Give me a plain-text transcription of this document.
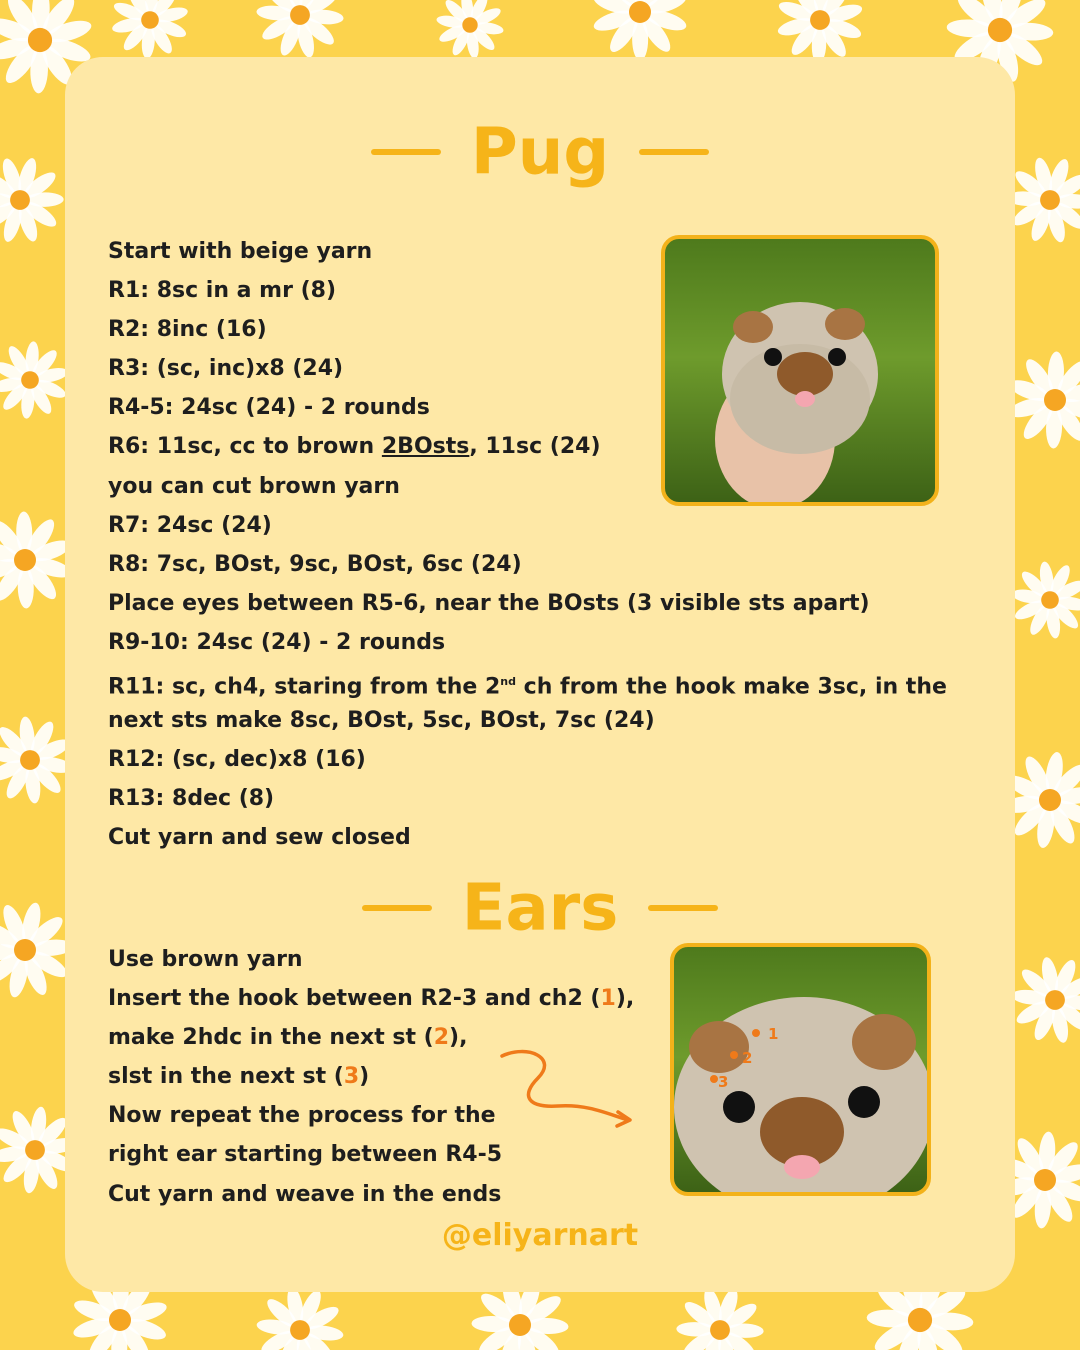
Pug
Start with beige yarn
R1: 8sc in a mr (8)
R2: 8inc (16)
R3: (sc, inc)x8 (24)
R4-5: 24sc (24) - 2 rounds
R6: 11sc, cc to brown 2BOsts, 11sc (24)
you can cut brown yarn
R7: 24sc (24)
R8: 7sc, BOst, 9sc, BOst, 6sc (24)
Place eyes between R5-6, near the BOsts (3 visible sts apart)
R9-10: 24sc (24) - 2 rounds
R11: sc, ch4, staring from the 2nd ch from the hook make 3sc, in the
next sts make 8sc, BOst, 5sc, BOst, 7sc (24)
R12: (sc, dec)x8 (16)
R13: 8dec (8)
Cut yarn and sew closed
Ears
Use brown yarn
Insert the hook between R2-3 and ch2 (1),
make 2hdc in the next st (2),
slst in the next st (3)
Now repeat the process for the
right ear starting between R4-5
Cut yarn and weave in the ends
1
2
3
@eliyarnart
